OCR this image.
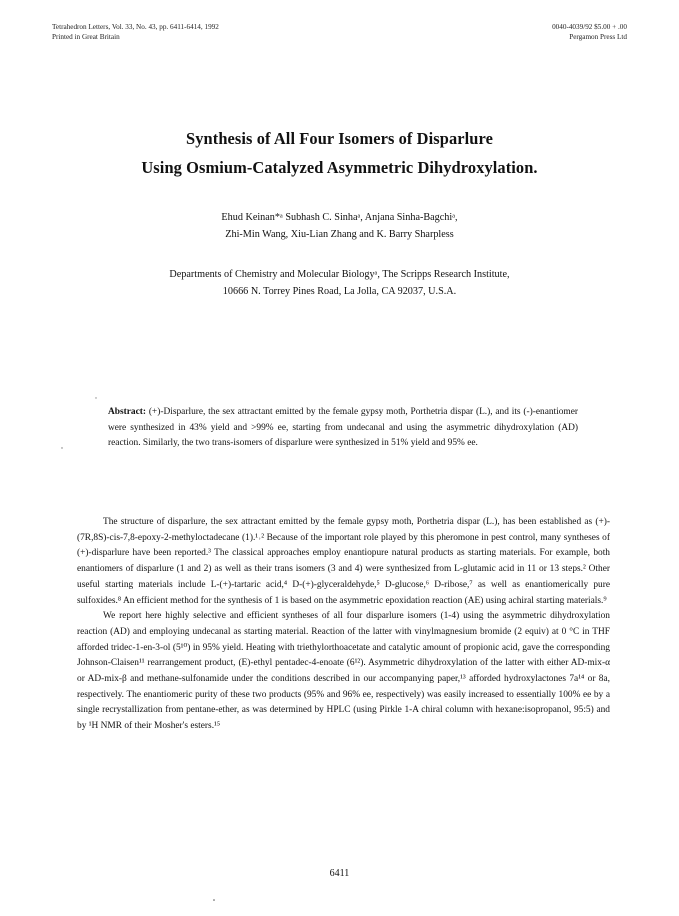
Tetrahedron Letters, Vol. 33, No. 43, pp. 6411-6414, 1992
Printed in Great Britain
0040-4039/92 $5.00 + .00
Pergamon Press Ltd
Synthesis of All Four Isomers of Disparlure
Using Osmium-Catalyzed Asymmetric Dihydroxylation.
Ehud Keinan*ᵃ Subhash C. Sinhaᵃ, Anjana Sinha-Bagchiᵃ,
Zhi-Min Wang, Xiu-Lian Zhang and K. Barry Sharpless
Departments of Chemistry and Molecular Biologyᵃ, The Scripps Research Institute,
10666 N. Torrey Pines Road, La Jolla, CA 92037, U.S.A.
Abstract: (+)-Disparlure, the sex attractant emitted by the female gypsy moth, Porthetria dispar (L.), and its (-)-enantiomer were synthesized in 43% yield and >99% ee, starting from undecanal and using the asymmetric dihydroxylation (AD) reaction. Similarly, the two trans-isomers of disparlure were synthesized in 51% yield and 95% ee.

The structure of disparlure, the sex attractant emitted by the female gypsy moth, Porthetria dispar (L.), has been established as (+)-(7R,8S)-cis-7,8-epoxy-2-methyloctadecane (1).¹˒² Because of the important role played by this pheromone in pest control, many syntheses of (+)-disparlure have been reported.³ The classical approaches employ enantiopure natural products as starting materials. For example, both enantiomers of disparlure (1 and 2) as well as their trans isomers (3 and 4) were synthesized from L-glutamic acid in 11 or 13 steps.² Other useful starting materials include L-(+)-tartaric acid,⁴ D-(+)-glyceraldehyde,⁵ D-glucose,⁶ D-ribose,⁷ as well as enantiomerically pure sulfoxides.⁸ An efficient method for the synthesis of 1 is based on the asymmetric epoxidation reaction (AE) using achiral starting materials.⁹

We report here highly selective and efficient syntheses of all four disparlure isomers (1-4) using the asymmetric dihydroxylation reaction (AD) and employing undecanal as starting material. Reaction of the latter with vinylmagnesium bromide (2 equiv) at 0 °C in THF afforded tridec-1-en-3-ol (5¹⁰) in 95% yield. Heating with triethylorthoacetate and catalytic amount of propionic acid, gave the corresponding Johnson-Claisen¹¹ rearrangement product, (E)-ethyl pentadec-4-enoate (6¹²). Asymmetric dihydroxylation of the latter with either AD-mix-α or AD-mix-β and methane-sulfonamide under the conditions described in our accompanying paper,¹³ afforded hydroxylactones 7a¹⁴ or 8a, respectively. The enantiomeric purity of these two products (95% and 96% ee, respectively) was easily increased to essentially 100% ee by a single recrystallization from pentane-ether, as was determined by HPLC (using Pirkle 1-A chiral column with hexane:isopropanol, 95:5) and by ¹H NMR of their Mosher's esters.¹⁵

6411
